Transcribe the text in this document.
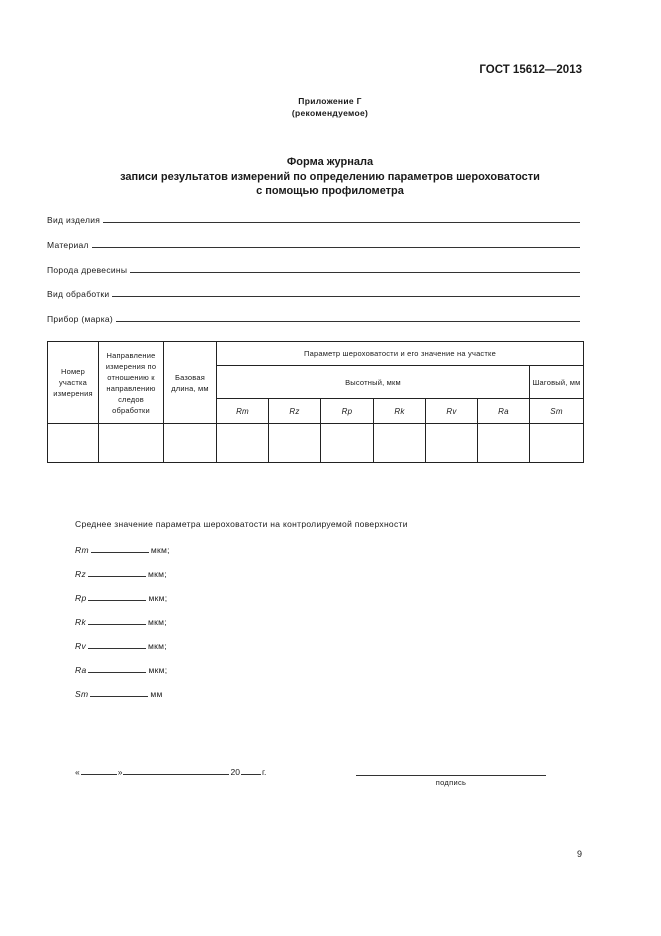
ГОСТ 15612—2013
Приложение Г
(рекомендуемое)
Форма журнала
записи результатов измерений по определению параметров шероховатости
с помощью профилометра
Вид изделия
Материал
Порода древесины
Вид обработки
Прибор (марка)
Номер участка измерения	Направление измерения по отношению к направлению следов обработки	Базовая длина, мм	Параметр шероховатости и его значение на участке						
			Высотный, мкм						Шаговый, мм
			Rm	Rz	Rp	Rk	Rv	Ra	Sm

Среднее значение параметра шероховатости на контролируемой поверхности
Rm	мкм;
Rz	мкм;
Rp	мкм;
Rk	мкм;
Rv	мкм;
Ra	мкм;
Sm	мм
«	»	20	г.
подпись
9
